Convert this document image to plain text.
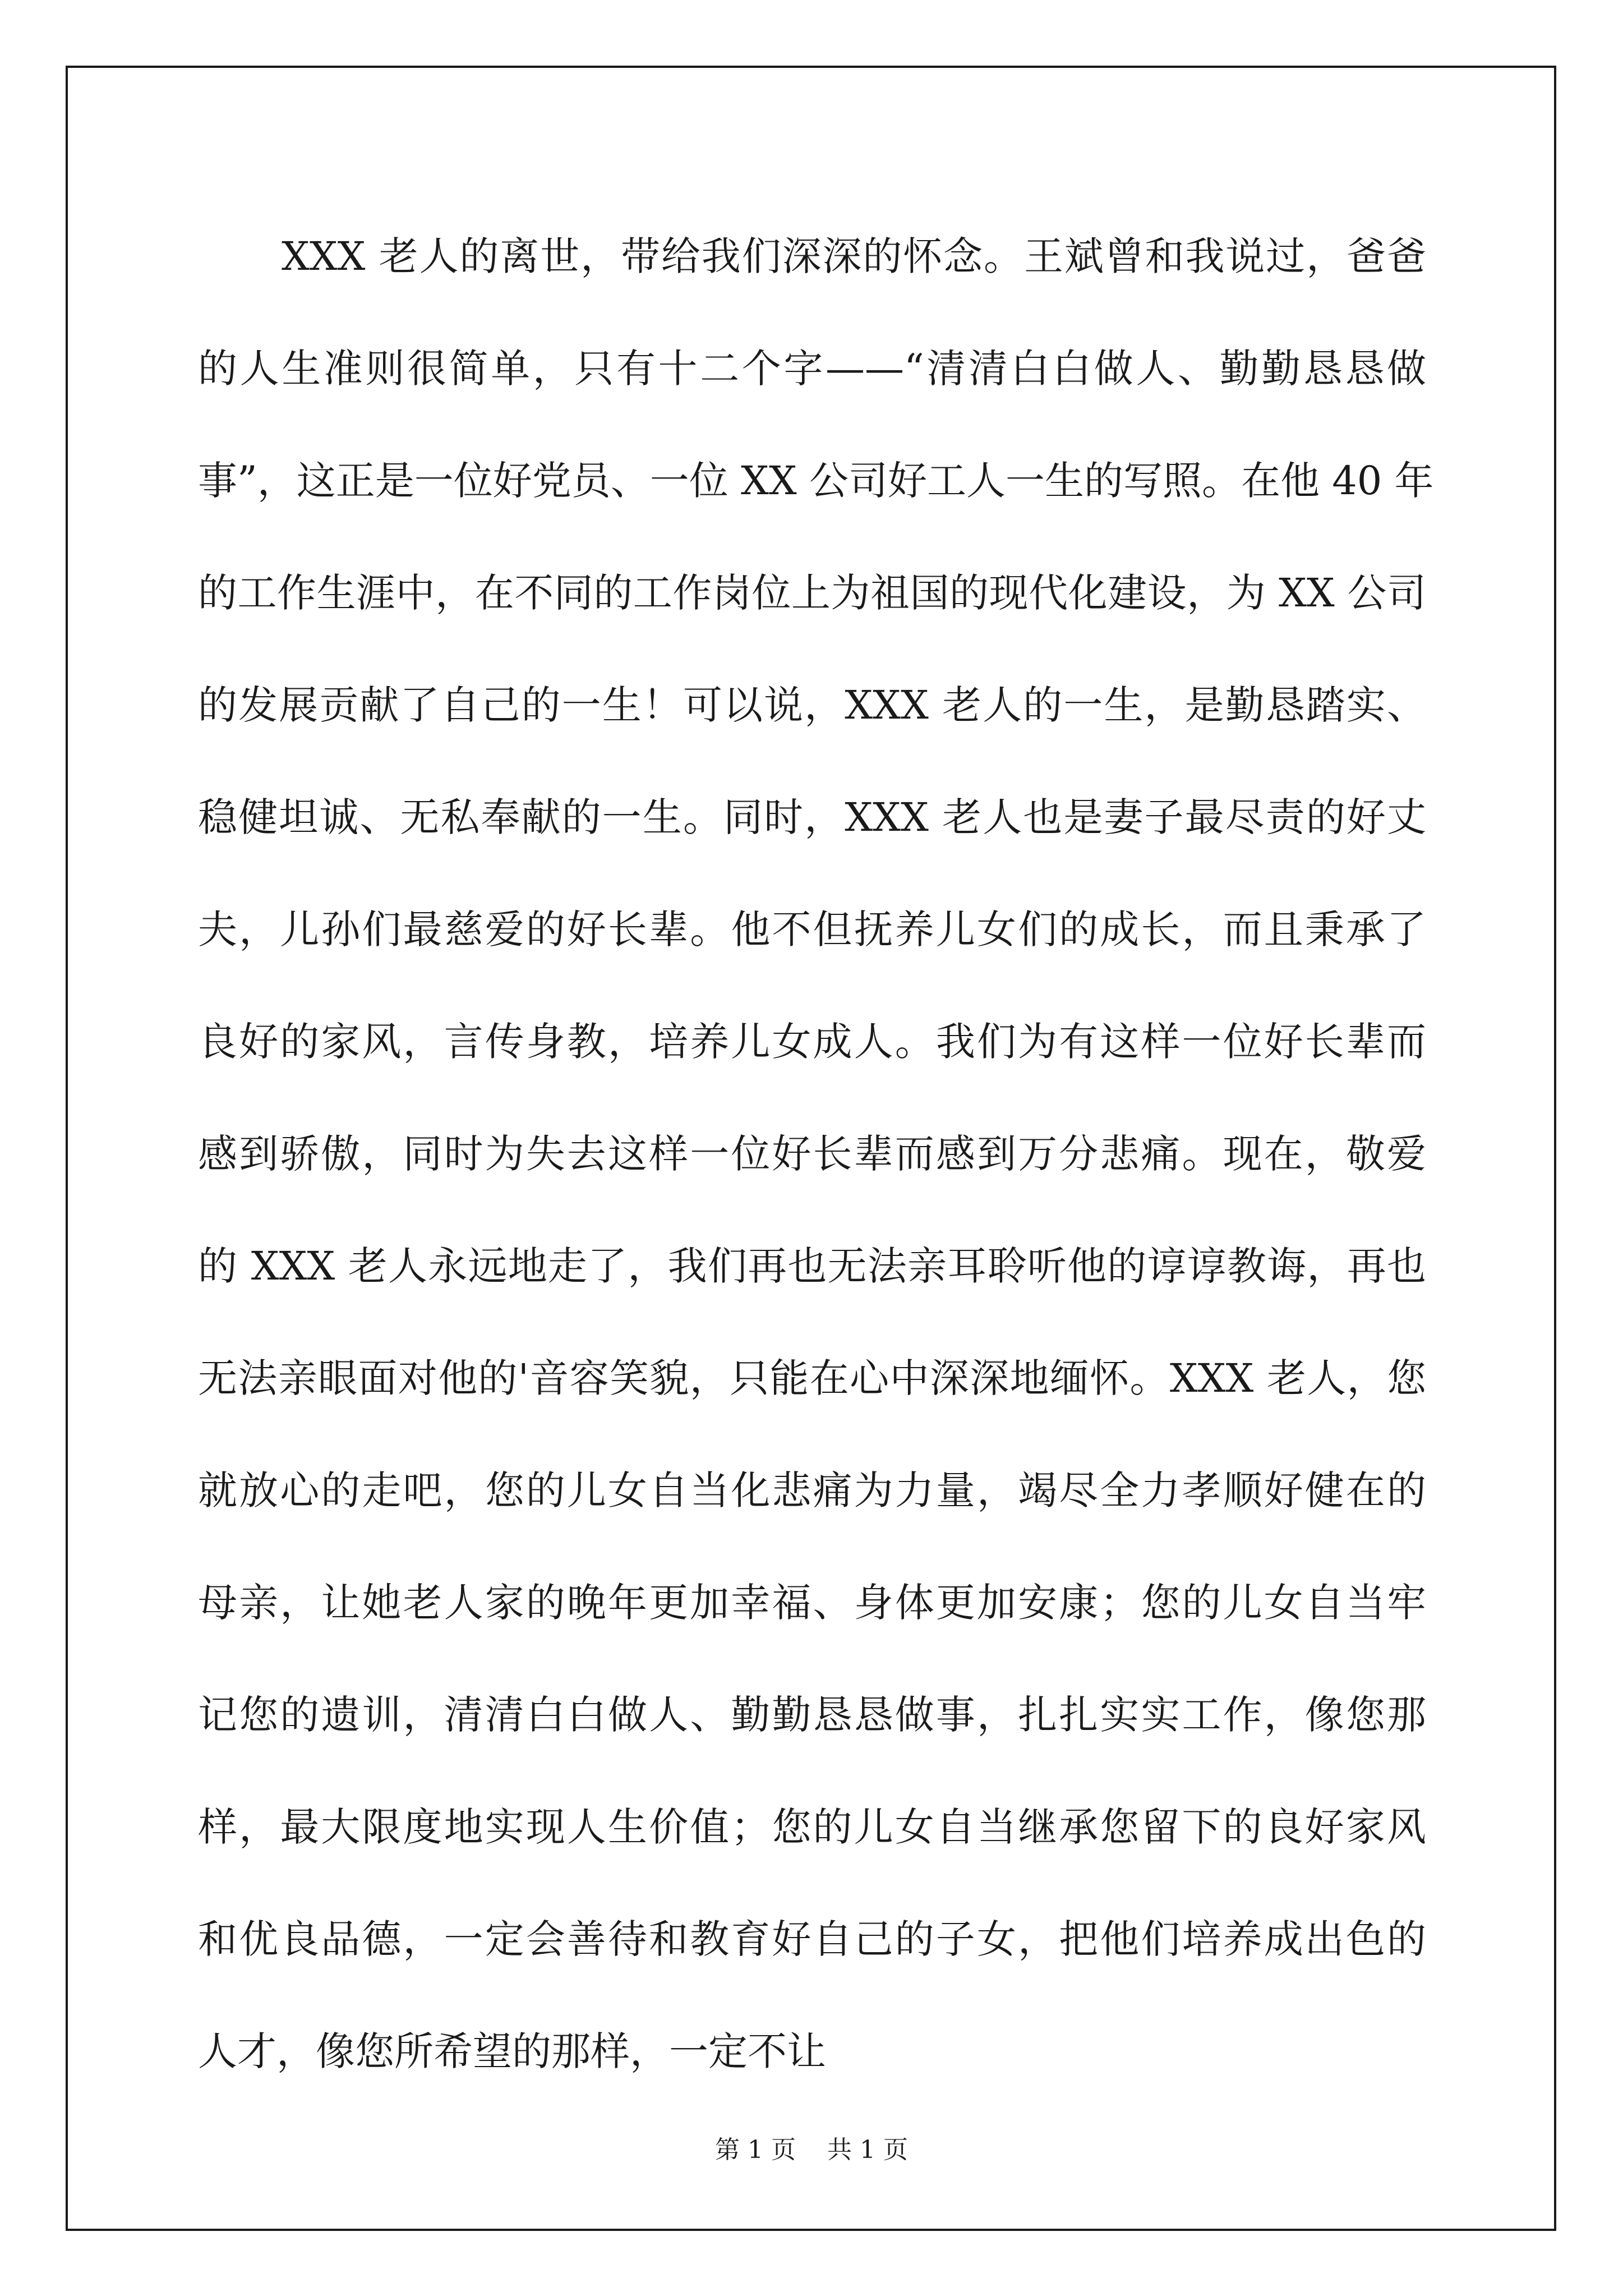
XXX 老人的离世，带给我们深深的怀念。王斌曾和我说过，爸爸

的人生准则很简单，只有十二个字——“清清白白做人、勤勤恳恳做

事”，这正是一位好党员、一位 XX 公司好工人一生的写照。在他 40 年

的工作生涯中，在不同的工作岗位上为祖国的现代化建设，为 XX 公司

的发展贡献了自己的一生！可以说，XXX 老人的一生，是勤恳踏实、

稳健坦诚、无私奉献的一生。同时，XXX 老人也是妻子最尽责的好丈

夫，儿孙们最慈爱的好长辈。他不但抚养儿女们的成长，而且秉承了

良好的家风，言传身教，培养儿女成人。我们为有这样一位好长辈而

感到骄傲，同时为失去这样一位好长辈而感到万分悲痛。现在，敬爱

的 XXX 老人永远地走了，我们再也无法亲耳聆听他的谆谆教诲，再也

无法亲眼面对他的'音容笑貌，只能在心中深深地缅怀。XXX 老人，您

就放心的走吧，您的儿女自当化悲痛为力量，竭尽全力孝顺好健在的

母亲，让她老人家的晚年更加幸福、身体更加安康；您的儿女自当牢

记您的遗训，清清白白做人、勤勤恳恳做事，扎扎实实工作，像您那

样，最大限度地实现人生价值；您的儿女自当继承您留下的良好家风

和优良品德，一定会善待和教育好自己的子女，把他们培养成出色的

人才，像您所希望的那样，一定不让

第 1 页 共 1 页
